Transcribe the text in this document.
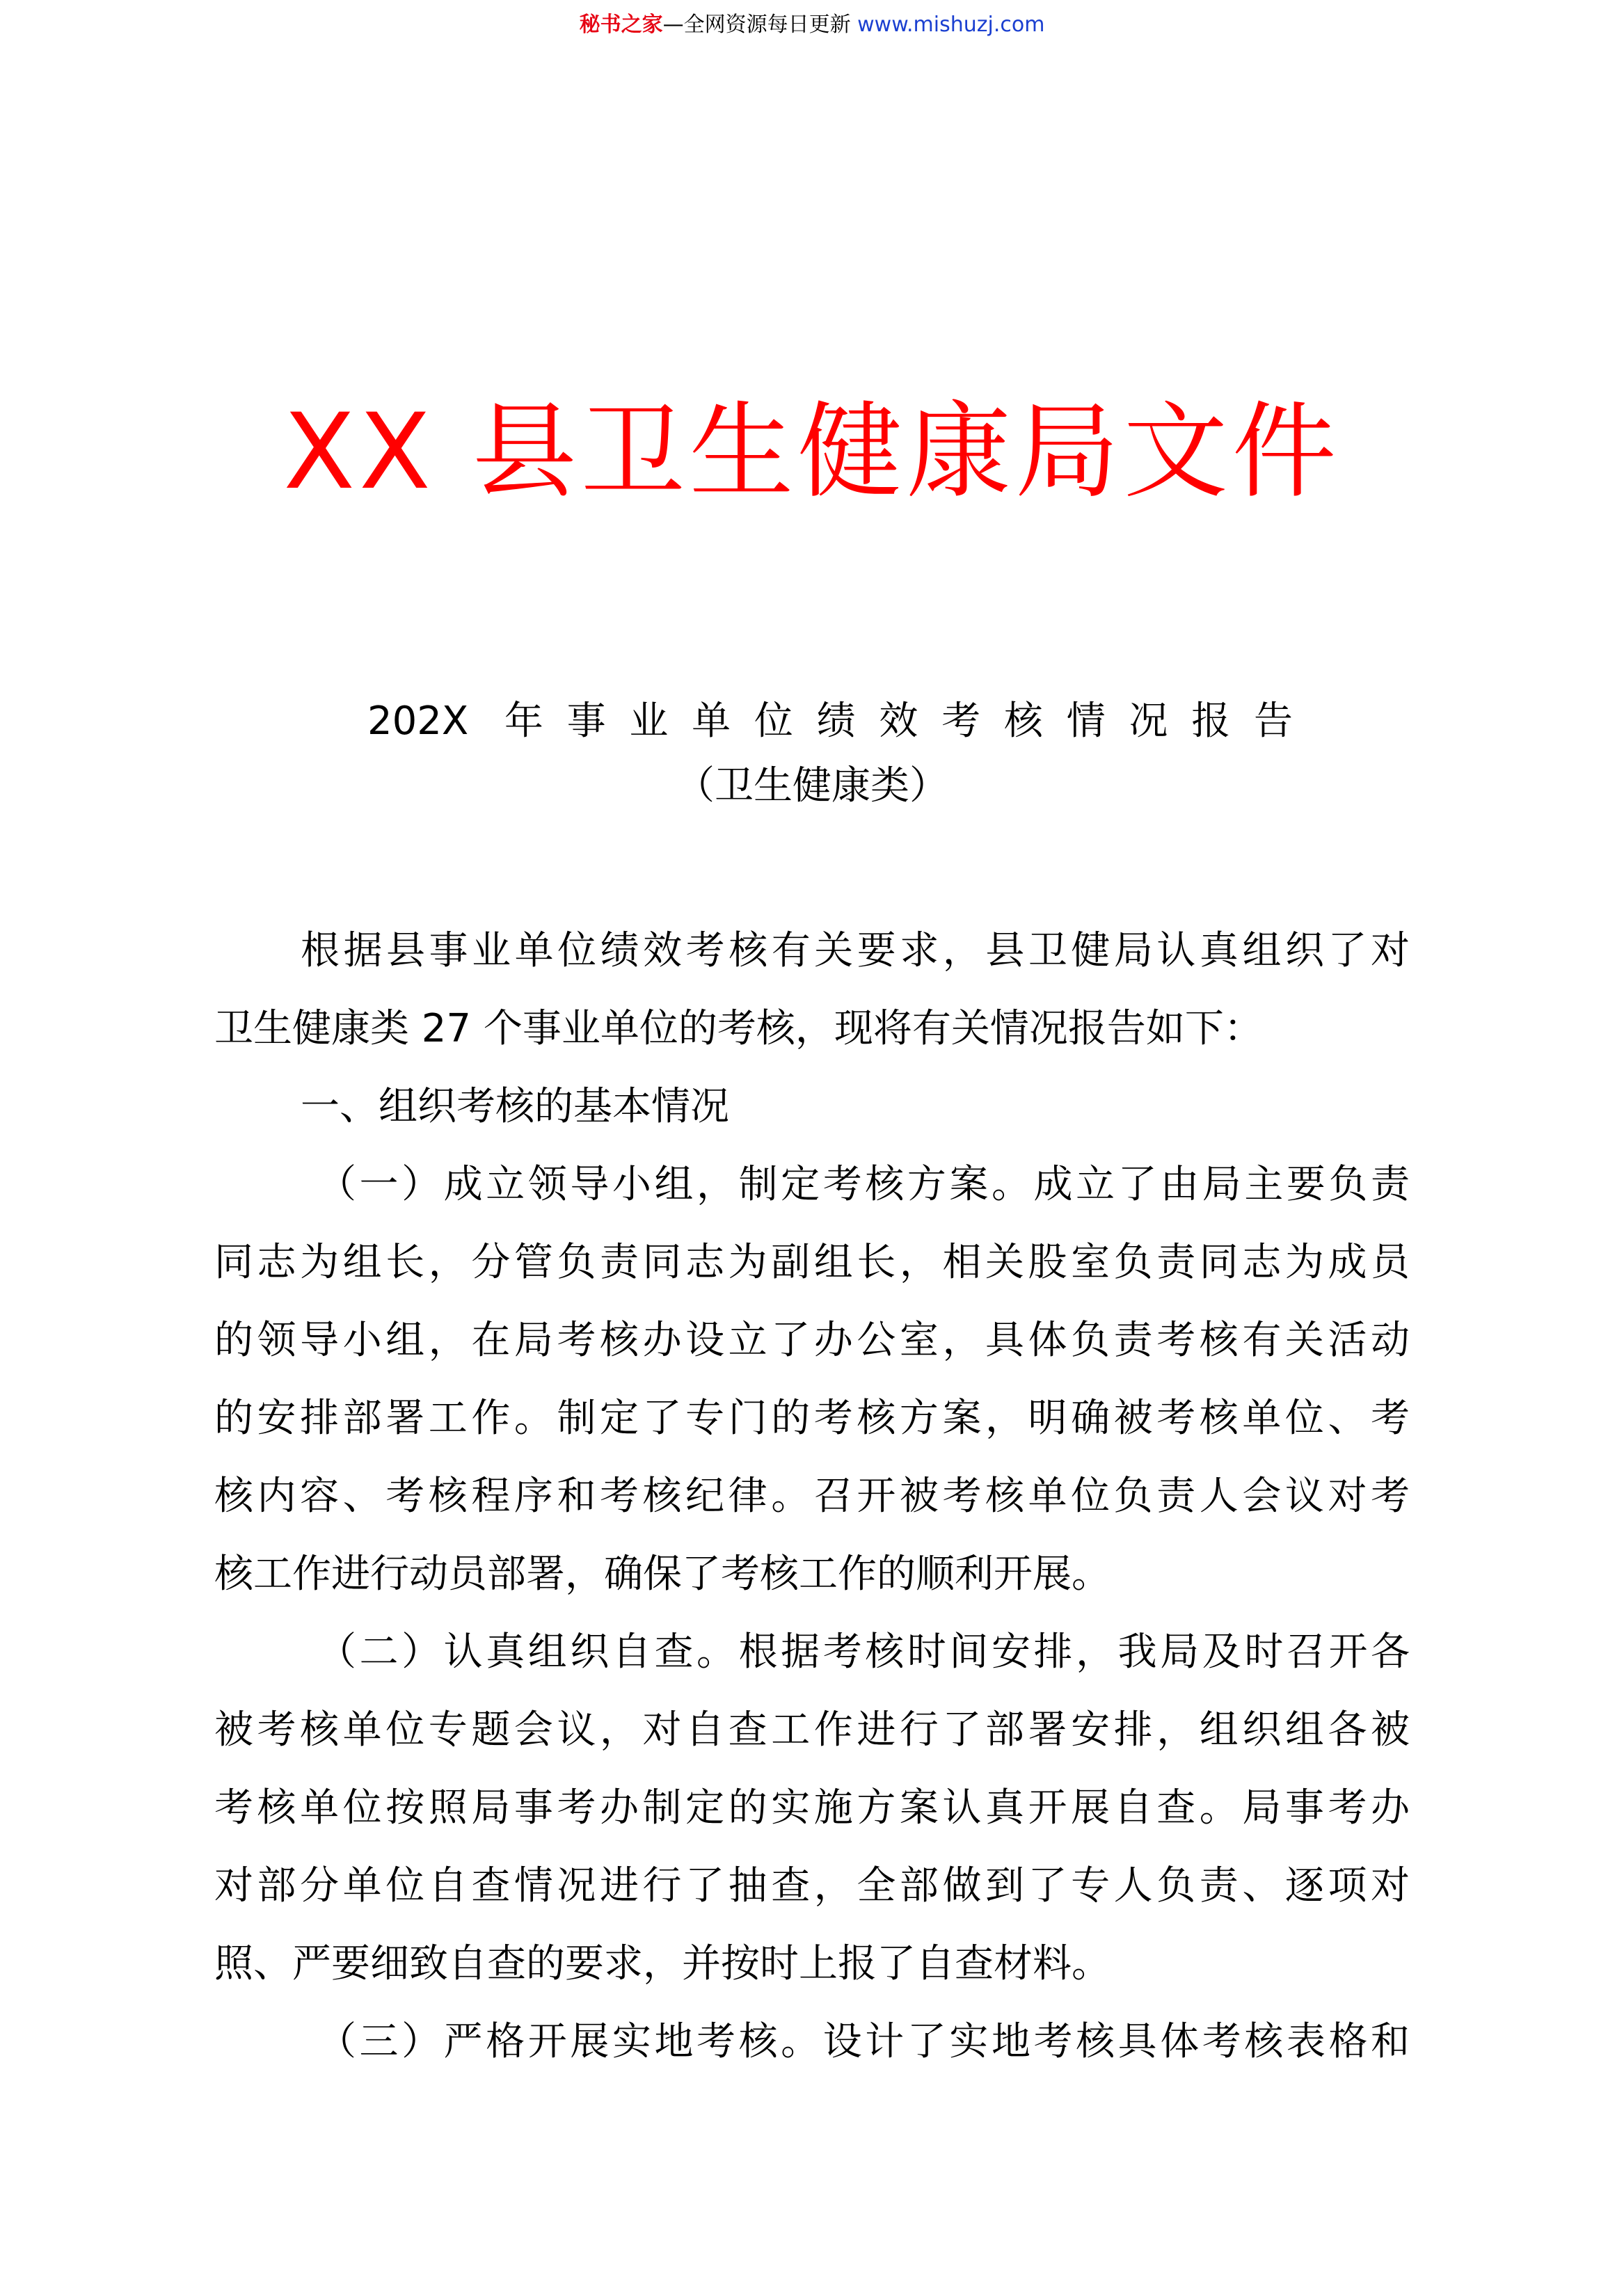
秘书之家—全网资源每日更新 www.mishuzj.com
XX 县卫生健康局文件
202X 年事业单位绩效考核情况报告
（卫生健康类）
根据县事业单位绩效考核有关要求，县卫健局认真组织了对
卫生健康类 27 个事业单位的考核，现将有关情况报告如下：
一、组织考核的基本情况
（一）成立领导小组，制定考核方案。成立了由局主要负责
同志为组长，分管负责同志为副组长，相关股室负责同志为成员
的领导小组，在局考核办设立了办公室，具体负责考核有关活动
的安排部署工作。制定了专门的考核方案，明确被考核单位、考
核内容、考核程序和考核纪律。召开被考核单位负责人会议对考
核工作进行动员部署，确保了考核工作的顺利开展。
（二）认真组织自查。根据考核时间安排，我局及时召开各
被考核单位专题会议，对自查工作进行了部署安排，组织组各被
考核单位按照局事考办制定的实施方案认真开展自查。局事考办
对部分单位自查情况进行了抽查，全部做到了专人负责、逐项对
照、严要细致自查的要求，并按时上报了自查材料。
（三）严格开展实地考核。设计了实地考核具体考核表格和
